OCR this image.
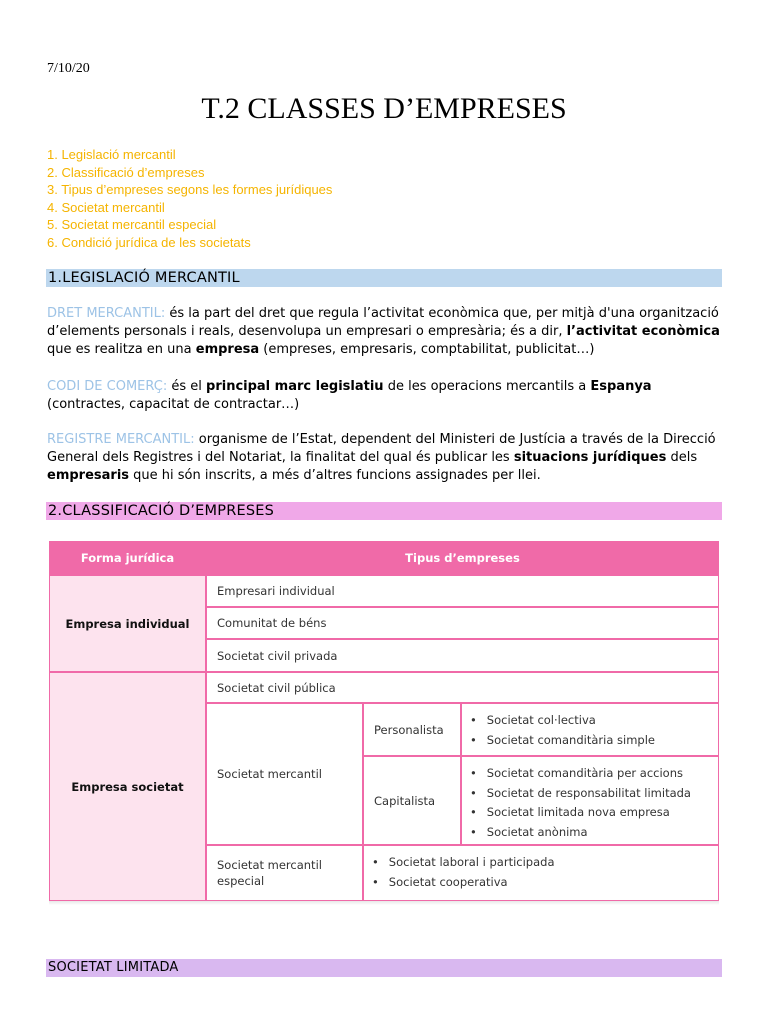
7/10/20
T.2 CLASSES D’EMPRESES
1. Legislació mercantil
2. Classificació d’empreses
3. Tipus d’empreses segons les formes jurídiques
4. Societat mercantil
5. Societat mercantil especial
6. Condició jurídica de les societats
1.LEGISLACIÓ MERCANTIL

DRET MERCANTIL: és la part del dret que regula l’activitat econòmica que, per mitjà d'una organització d’elements personals i reals, desenvolupa un empresari o empresària; és a dir, l’activitat econòmica que es realitza en una empresa (empreses, empresaris, comptabilitat, publicitat…)

CODI DE COMERÇ: és el principal marc legislatiu de les operacions mercantils a Espanya (contractes, capacitat de contractar…)

REGISTRE MERCANTIL: organisme de l’Estat, dependent del Ministeri de Justícia a través de la Direcció General dels Registres i del Notariat, la finalitat del qual és publicar les situacions jurídiques dels empresaris que hi són inscrits, a més d’altres funcions assignades per llei.

2.CLASSIFICACIÓ D’EMPRESES
Forma jurídica	Tipus d’empreses
Empresa individual
Empresari individual
Comunitat de béns
Societat civil privada
Empresa societat
Societat civil pública
Societat mercantil
Personalista
• Societat col·lectiva
• Societat comanditària simple
Capitalista
• Societat comanditària per accions
• Societat de responsabilitat limitada
• Societat limitada nova empresa
• Societat anònima
Societat mercantil especial
• Societat laboral i participada
• Societat cooperativa
SOCIETAT LIMITADA
